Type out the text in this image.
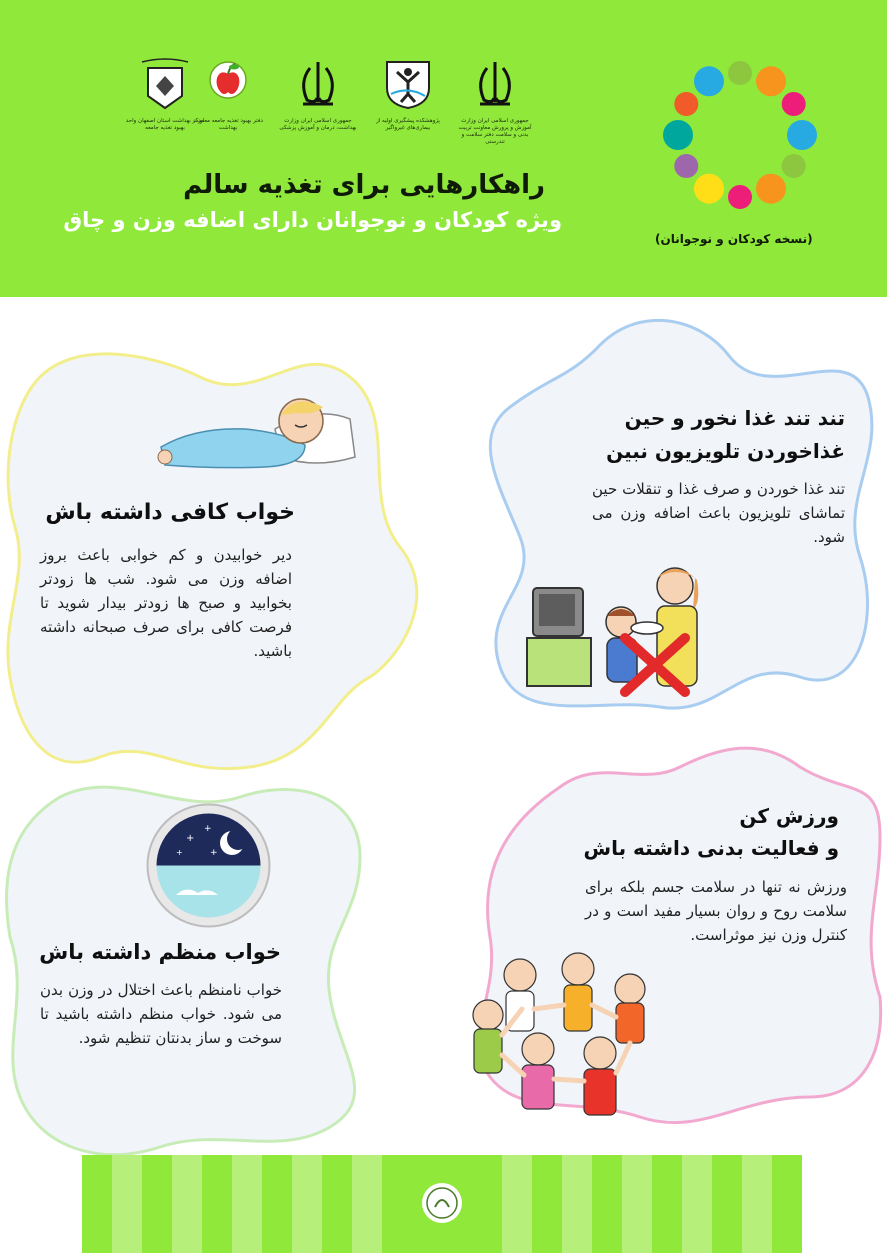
مرکز بهداشت استان اصفهان واحد بهبود تغذیه جامعه
دفتر بهبود تغذیه جامعه معاونت بهداشت
جمهوری اسلامی ایران وزارت بهداشت، درمان و آموزش پزشکی
پژوهشکده پیشگیری اولیه از بیماری‌های غیرواگیر
جمهوری اسلامی ایران وزارت آموزش و پرورش معاونت تربیت بدنی و سلامت دفتر سلامت و تندرستی
راهکارهایی برای تغذیه سالم
ویژه کودکان و نوجوانان دارای اضافه وزن و چاق
(نسخه کودکان و نوجوانان)
تند تند غذا نخور و حین
غذاخوردن تلویزیون نبین
تند غذا خوردن و صرف غذا و تنقلات حین تماشای تلویزیون باعث اضافه وزن می شود.
خواب کافی داشته باش
دیر خوابیدن و کم خوابی باعث بروز اضافه وزن می شود. شب ها زودتر بخوابید و صبح ها زودتر بیدار شوید تا فرصت کافی برای صرف صبحانه داشته باشید.
ورزش کن
و فعالیت بدنی داشته باش
ورزش نه تنها در سلامت جسم بلکه برای سلامت روح و روان بسیار مفید است و در کنترل وزن نیز موثراست.
+
+
+	+
خواب منظم داشته باش
خواب نامنظم باعث اختلال در وزن بدن می شود. خواب منظم داشته باشید تا سوخت و ساز بدنتان تنظیم شود.
